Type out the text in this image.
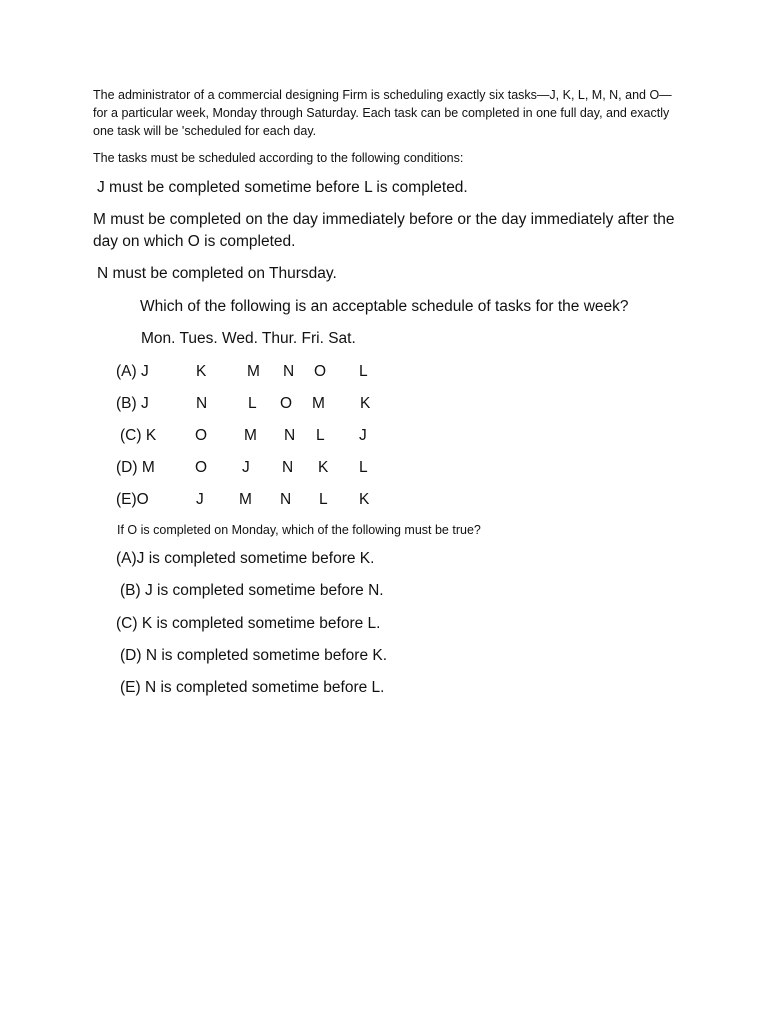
The administrator of a commercial designing Firm is scheduling exactly six tasks—J, K, L, M, N, and O—for a particular week, Monday through Saturday. Each task can be completed in one full day, and exactly one task will be 'scheduled for each day.
The tasks must be scheduled according to the following conditions:
J must be completed sometime before L is completed.
M must be completed on the day immediately before or the day immediately after the day on which O is completed.
N must be completed on Thursday.
Which of the following is an acceptable schedule of tasks for the week?
Mon. Tues. Wed. Thur. Fri. Sat.
(A) J	K	M N O L
(B) J	N	L O M K
(C) K	O M N L J
(D) M	O J N K L
(E)O	J M N L K
If O is completed on Monday, which of the following must be true?
(A)J is completed sometime before K.
(B) J is completed sometime before N.
(C) K is completed sometime before L.
(D) N is completed sometime before K.
(E) N is completed sometime before L.
